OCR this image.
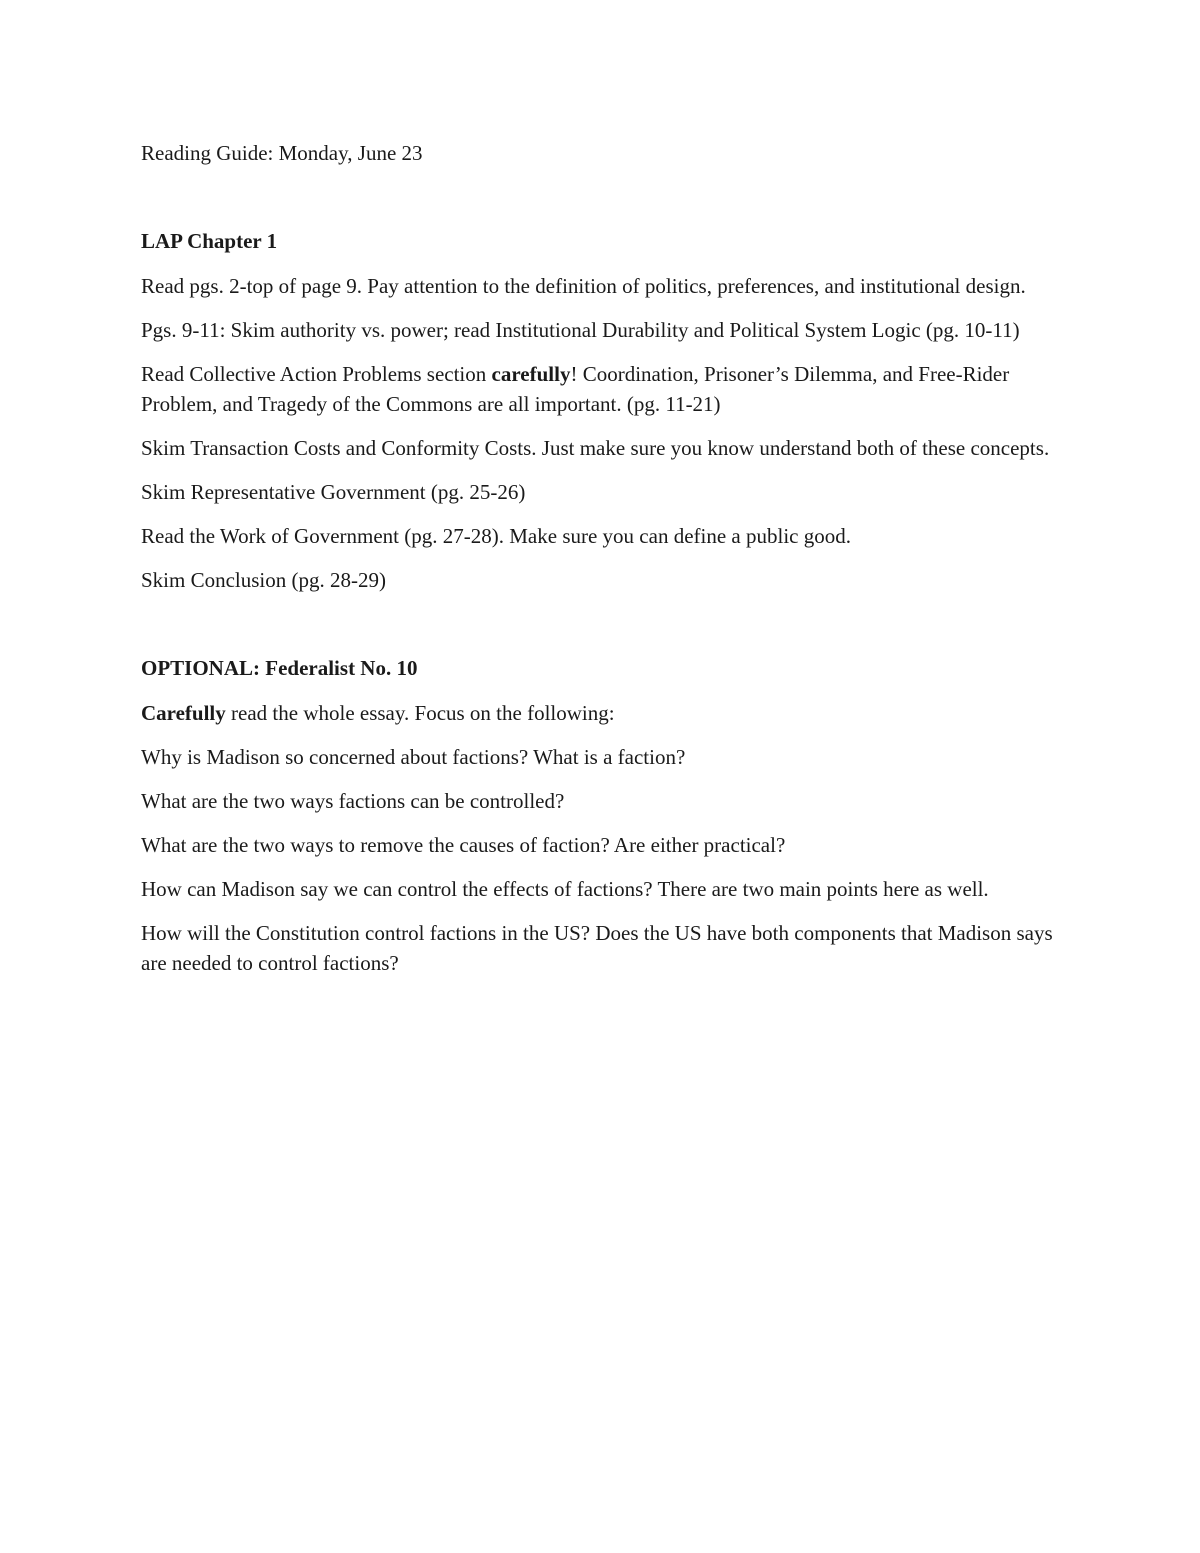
Reading Guide: Monday, June 23

LAP Chapter 1

Read pgs. 2-top of page 9. Pay attention to the definition of politics, preferences, and institutional design.

Pgs. 9-11: Skim authority vs. power; read Institutional Durability and Political System Logic (pg. 10-11)

Read Collective Action Problems section carefully! Coordination, Prisoner’s Dilemma, and Free-Rider Problem, and Tragedy of the Commons are all important. (pg. 11-21)

Skim Transaction Costs and Conformity Costs. Just make sure you know understand both of these concepts.

Skim Representative Government (pg. 25-26)

Read the Work of Government (pg. 27-28). Make sure you can define a public good.

Skim Conclusion (pg. 28-29)

OPTIONAL: Federalist No. 10

Carefully read the whole essay. Focus on the following:

Why is Madison so concerned about factions? What is a faction?

What are the two ways factions can be controlled?

What are the two ways to remove the causes of faction? Are either practical?

How can Madison say we can control the effects of factions? There are two main points here as well.

How will the Constitution control factions in the US? Does the US have both components that Madison says are needed to control factions?
